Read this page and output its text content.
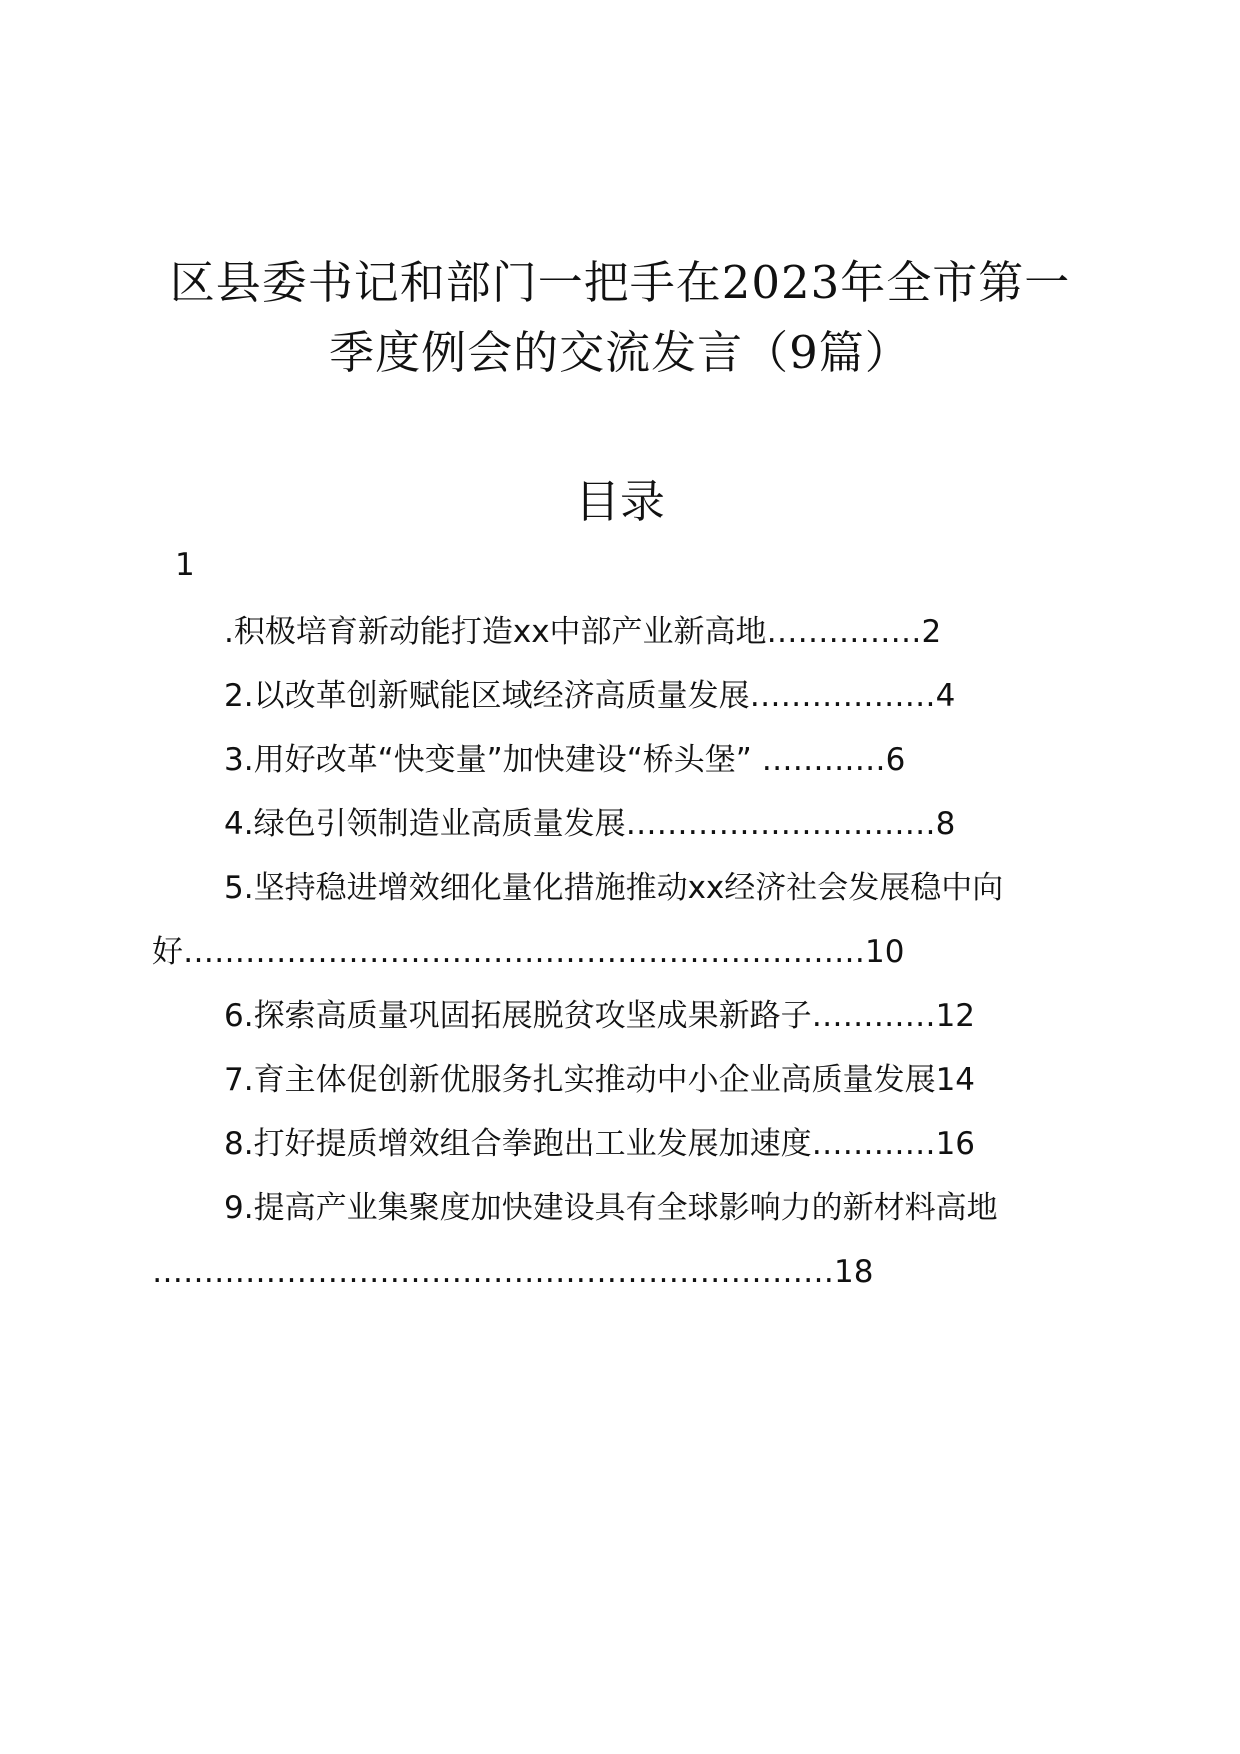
区县委书记和部门一把手在2023年全市第一
季度例会的交流发言（9篇）
目录
1
.积极培育新动能打造xx中部产业新高地……………2
2.以改革创新赋能区域经济高质量发展………………4
3.用好改革“快变量”加快建设“桥头堡” …………6
4.绿色引领制造业高质量发展…………………………8
5.坚持稳进增效细化量化措施推动xx经济社会发展稳中向
好…………………………………………………………10
6.探索高质量巩固拓展脱贫攻坚成果新路子…………12
7.育主体促创新优服务扎实推动中小企业高质量发展14
8.打好提质增效组合拳跑出工业发展加速度…………16
9.提高产业集聚度加快建设具有全球影响力的新材料高地
…………………………………………………………18
